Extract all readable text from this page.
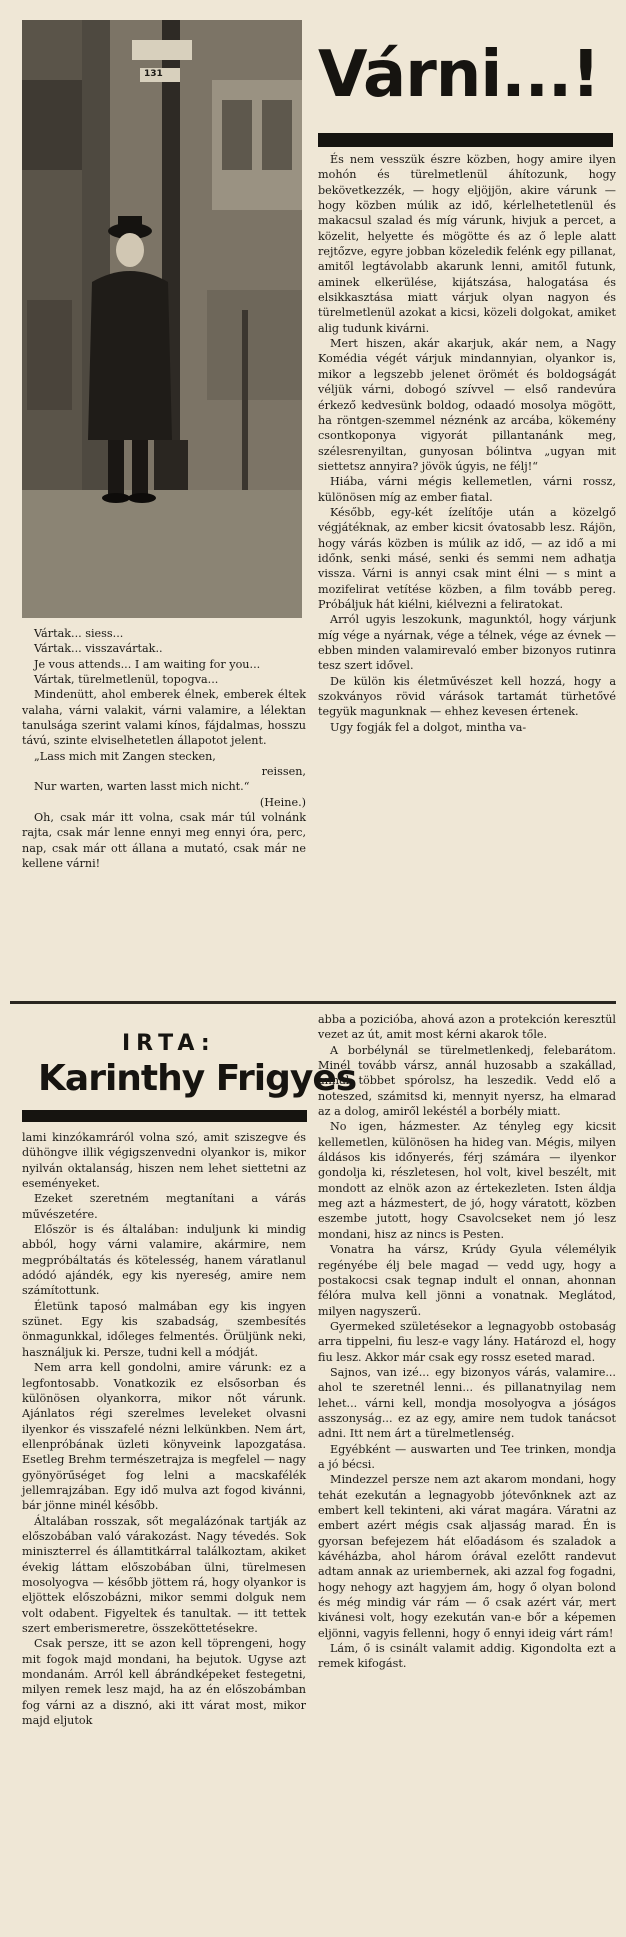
131 Várni...!

És nem vesszük észre közben, hogy amire ilyen mohón és türelmetlenül áhítozunk, hogy bekövetkezzék, — hogy eljöjjön, akire várunk — hogy közben múlik az idő, kérlelhetetlenül és makacsul szalad és míg várunk, hivjuk a percet, a közelit, helyette és mögötte és az ő leple alatt rejtőzve, egyre jobban közeledik felénk egy pillanat, amitől legtávolabb akarunk lenni, amitől futunk, aminek elkerülése, kijátszása, halogatása és elsikkasztása miatt várjuk olyan nagyon és türelmetlenül azokat a kicsi, közeli dolgokat, amiket alig tudunk kivárni.

Mert hiszen, akár akarjuk, akár nem, a Nagy Komédia végét várjuk mindannyian, olyankor is, mikor a legszebb jelenet örömét és boldogságát véljük várni, dobogó szívvel — első randevúra érkező kedvesünk boldog, odaadó mosolya mögött, ha röntgen-szemmel néznénk az arcába, kökemény csontkoponya vigyorát pillantanánk meg, szélesrenyiltan, gunyosan bólintva „ugyan mit siettetsz annyira? jövök úgyis, ne félj!“

Hiába, várni mégis kellemetlen, várni rossz, különösen míg az ember fiatal.

Később, egy-két ízelítője után a közelgő végjátéknak, az ember kicsit óvatosabb lesz. Rájön, hogy várás közben is múlik az idő, — az idő a mi időnk, senki másé, senki és semmi nem adhatja vissza. Várni is annyi csak mint élni — s mint a mozifelirat vetítése közben, a film tovább pereg. Próbáljuk hát kiélni, kiélvezni a feliratokat.

Arról ugyis leszokunk, magunktól, hogy várjunk míg vége a nyárnak, vége a télnek, vége az évnek — ebben minden valamirevaló ember bizonyos rutinra tesz szert idővel.

De külön kis életművészet kell hozzá, hogy a szokványos rövid várások tartamát türhetővé tegyük magunknak — ehhez kevesen értenek.

Ugy fogják fel a dolgot, mintha va-

Vártak... siess...

Vártak... visszavártak..

Je vous attends... I am waiting for you...

Vártak, türelmetlenül, topogva...

Mindenütt, ahol emberek élnek, emberek éltek valaha, várni valakit, várni valamire, a lélektan tanulsága szerint valami kínos, fájdalmas, hosszu távú, szinte elviselhetetlen állapotot jelent.

„Lass mich mit Zangen stecken,

reissen,

Nur warten, warten lasst mich nicht.“

(Heine.)

Oh, csak már itt volna, csak már túl volnánk rajta, csak már lenne ennyi meg ennyi óra, perc, nap, csak már ott állana a mutató, csak már ne kellene várni!

IRTA:
Karinthy Frigyes

lami kinzókamráról volna szó, amit sziszegve és dühöngve illik végigszenvedni olyankor is, mikor nyilván oktalanság, hiszen nem lehet siettetni az eseményeket.

Ezeket szeretném megtanítani a várás művészetére.

Először is és általában: induljunk ki mindig abból, hogy várni valamire, akármire, nem megpróbáltatás és kötelesség, hanem váratlanul adódó ajándék, egy kis nyereség, amire nem számítottunk.

Életünk taposó malmában egy kis ingyen szünet. Egy kis szabadság, szembesítés önmagunkkal, időleges felmentés. Örüljünk neki, használjuk ki. Persze, tudni kell a módját.

Nem arra kell gondolni, amire várunk: ez a legfontosabb. Vonatkozik ez elsősorban és különösen olyankorra, mikor nőt várunk. Ajánlatos régi szerelmes leveleket olvasni ilyenkor és visszafelé nézni lelkünkben. Nem árt, ellenpróbának üzleti könyveink lapozgatása. Esetleg Brehm természetrajza is megfelel — nagy gyönyörűséget fog lelni a macskafélék jellemrajzában. Egy idő mulva azt fogod kivánni, bár jönne minél később.

Általában rosszak, sőt megalázónak tartják az előszobában való várakozást. Nagy tévedés. Sok miniszterrel és államtitkárral találkoztam, akiket évekig láttam előszobában ülni, türelmesen mosolyogva — később jöttem rá, hogy olyankor is eljöttek előszobázni, mikor semmi dolguk nem volt odabent. Figyeltek és tanultak. — itt tettek szert emberismeretre, összeköttetésekre.

Csak persze, itt se azon kell töprengeni, hogy mit fogok majd mondani, ha bejutok. Ugyse azt mondanám. Arról kell ábrándképeket festegetni, milyen remek lesz majd, ha az én előszobámban fog várni az a disznó, aki itt várat most, mikor majd eljutok

abba a pozicióba, ahová azon a protekción keresztül vezet az út, amit most kérni akarok tőle.

A borbélynál se türelmetlenkedj, felebarátom. Minél tovább vársz, annál huzosabb a szakállad, annál többet spórolsz, ha leszedik. Vedd elő a noteszed, számitsd ki, mennyit nyersz, ha elmarad az a dolog, amiről lekéstél a borbély miatt.

No igen, házmester. Az tényleg egy kicsit kellemetlen, különösen ha hideg van. Mégis, milyen áldásos kis időnyerés, férj számára — ilyenkor gondolja ki, részletesen, hol volt, kivel beszélt, mit mondott az elnök azon az értekezleten. Isten áldja meg azt a házmestert, de jó, hogy váratott, közben eszembe jutott, hogy Csavolcseket nem jó lesz mondani, hisz az nincs is Pesten.

Vonatra ha vársz, Krúdy Gyula vélemélyik regényébe élj bele magad — vedd ugy, hogy a postakocsi csak tegnap indult el onnan, ahonnan félóra mulva kell jönni a vonatnak. Meglátod, milyen nagyszerű.

Gyermeked születésekor a legnagyobb ostobaság arra tippelni, fiu lesz-e vagy lány. Határozd el, hogy fiu lesz. Akkor már csak egy rossz eseted marad.

Sajnos, van izé... egy bizonyos várás, valamire... ahol te szeretnél lenni... és pillanatnyilag nem lehet... várni kell, mondja mosolyogva a jóságos asszonyság... ez az egy, amire nem tudok tanácsot adni. Itt nem árt a türelmetlenség.

Egyébként — auswarten und Tee trinken, mondja a jó bécsi.

Mindezzel persze nem azt akarom mondani, hogy tehát ezekután a legnagyobb jótevőnknek azt az embert kell tekinteni, aki várat magára. Váratni az embert azért mégis csak aljasság marad. Én is gyorsan befejezem hát előadásom és szaladok a kávéházba, ahol három órával ezelőtt randevut adtam annak az uriembernek, aki azzal fog fogadni, hogy nehogy azt hagyjem ám, hogy ő olyan bolond és még mindig vár rám — ő csak azért vár, mert kivánesi volt, hogy ezekután van-e bőr a képemen eljönni, vagyis fellenni, hogy ő ennyi ideig várt rám!

Lám, ő is csinált valamit addig. Kigondolta ezt a remek kifogást.
